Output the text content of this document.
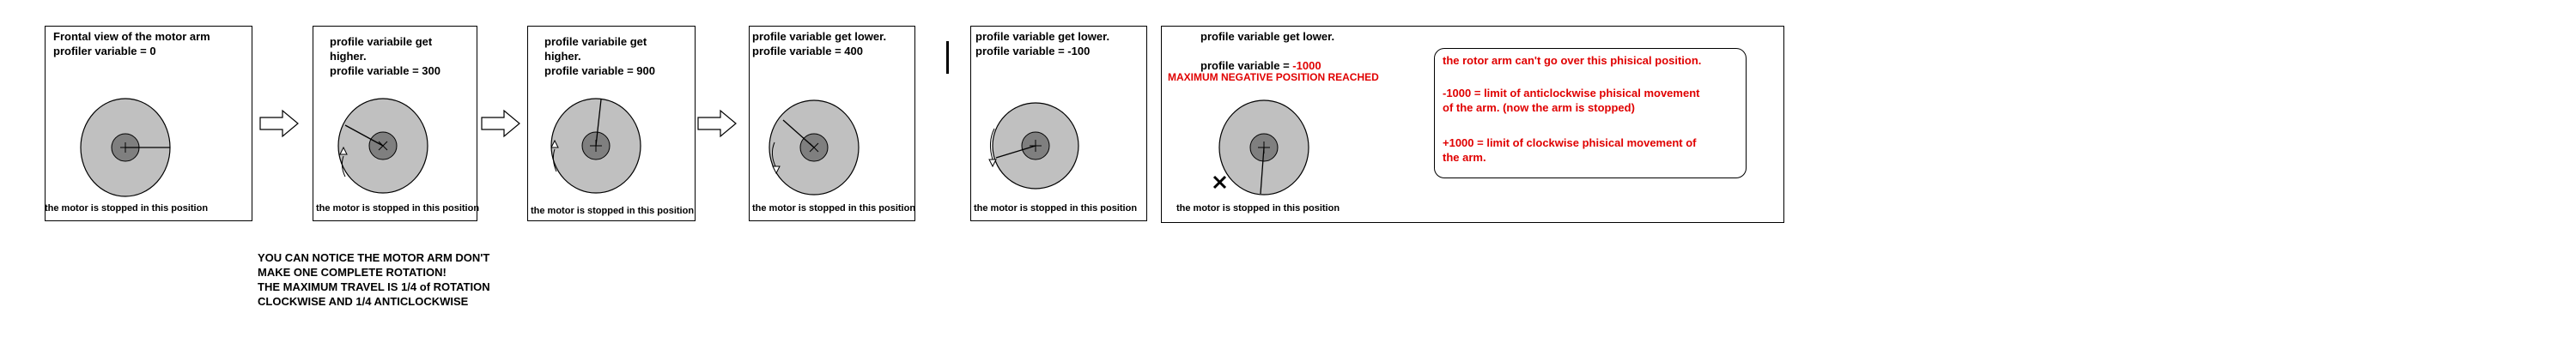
Frontal view of the motor arm
profiler variable = 0
the motor is stopped in this position
profile variabile get
higher.
profile variable = 300
the motor is stopped in this position
profile variabile get
higher.
profile variable = 900
the motor is stopped in this position
profile variable get lower.
profile variable = 400
the motor is stopped in this position
profile variable get lower.
profile variable = -100
the motor is stopped in this position
profile variable get lower.

profile variable = -1000

MAXIMUM NEGATIVE POSITION REACHED
the motor is stopped in this position
the rotor arm can't go over this phisical position.
-1000 = limit of anticlockwise phisical movement
of the arm. (now the arm is stopped)
+1000 = limit of clockwise phisical movement of
the arm.
YOU CAN NOTICE THE MOTOR ARM DON'T
MAKE ONE COMPLETE ROTATION!
THE MAXIMUM TRAVEL IS 1/4 of ROTATION
CLOCKWISE AND 1/4 ANTICLOCKWISE
